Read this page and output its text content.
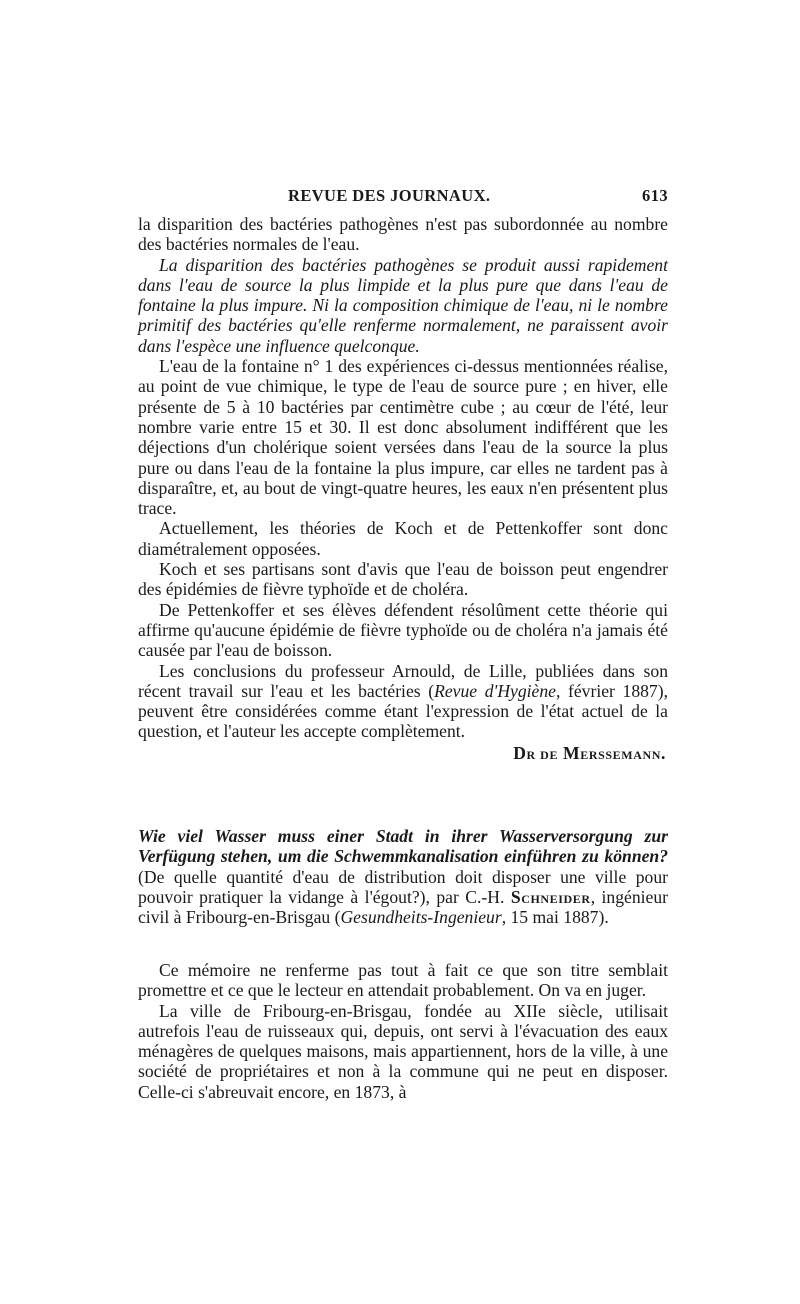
REVUE DES JOURNAUX.	613

la disparition des bactéries pathogènes n'est pas subordonnée au nombre des bactéries normales de l'eau.

La disparition des bactéries pathogènes se produit aussi rapidement dans l'eau de source la plus limpide et la plus pure que dans l'eau de fontaine la plus impure. Ni la composition chimique de l'eau, ni le nombre primitif des bactéries qu'elle renferme normalement, ne paraissent avoir dans l'espèce une influence quelconque.

L'eau de la fontaine n° 1 des expériences ci-dessus mentionnées réalise, au point de vue chimique, le type de l'eau de source pure ; en hiver, elle présente de 5 à 10 bactéries par centimètre cube ; au cœur de l'été, leur nombre varie entre 15 et 30. Il est donc absolument indifférent que les déjections d'un cholérique soient versées dans l'eau de la source la plus pure ou dans l'eau de la fontaine la plus impure, car elles ne tardent pas à disparaître, et, au bout de vingt-quatre heures, les eaux n'en présentent plus trace.

Actuellement, les théories de Koch et de Pettenkoffer sont donc diamétralement opposées.

Koch et ses partisans sont d'avis que l'eau de boisson peut engendrer des épidémies de fièvre typhoïde et de choléra.

De Pettenkoffer et ses élèves défendent résolûment cette théorie qui affirme qu'aucune épidémie de fièvre typhoïde ou de choléra n'a jamais été causée par l'eau de boisson.

Les conclusions du professeur Arnould, de Lille, publiées dans son récent travail sur l'eau et les bactéries (Revue d'Hygiène, février 1887), peuvent être considérées comme étant l'expression de l'état actuel de la question, et l'auteur les accepte complètement.

Dr de Merssemann.

Wie viel Wasser muss einer Stadt in ihrer Wasserversorgung zur Verfügung stehen, um die Schwemmkanalisation einführen zu können? (De quelle quantité d'eau de distribution doit disposer une ville pour pouvoir pratiquer la vidange à l'égout?), par C.-H. Schneider, ingénieur civil à Fribourg-en-Brisgau (Gesundheits-Ingenieur, 15 mai 1887).

Ce mémoire ne renferme pas tout à fait ce que son titre semblait promettre et ce que le lecteur en attendait probablement. On va en juger.

La ville de Fribourg-en-Brisgau, fondée au XIIe siècle, utilisait autrefois l'eau de ruisseaux qui, depuis, ont servi à l'évacuation des eaux ménagères de quelques maisons, mais appartiennent, hors de la ville, à une société de propriétaires et non à la commune qui ne peut en disposer. Celle-ci s'abreuvait encore, en 1873, à
